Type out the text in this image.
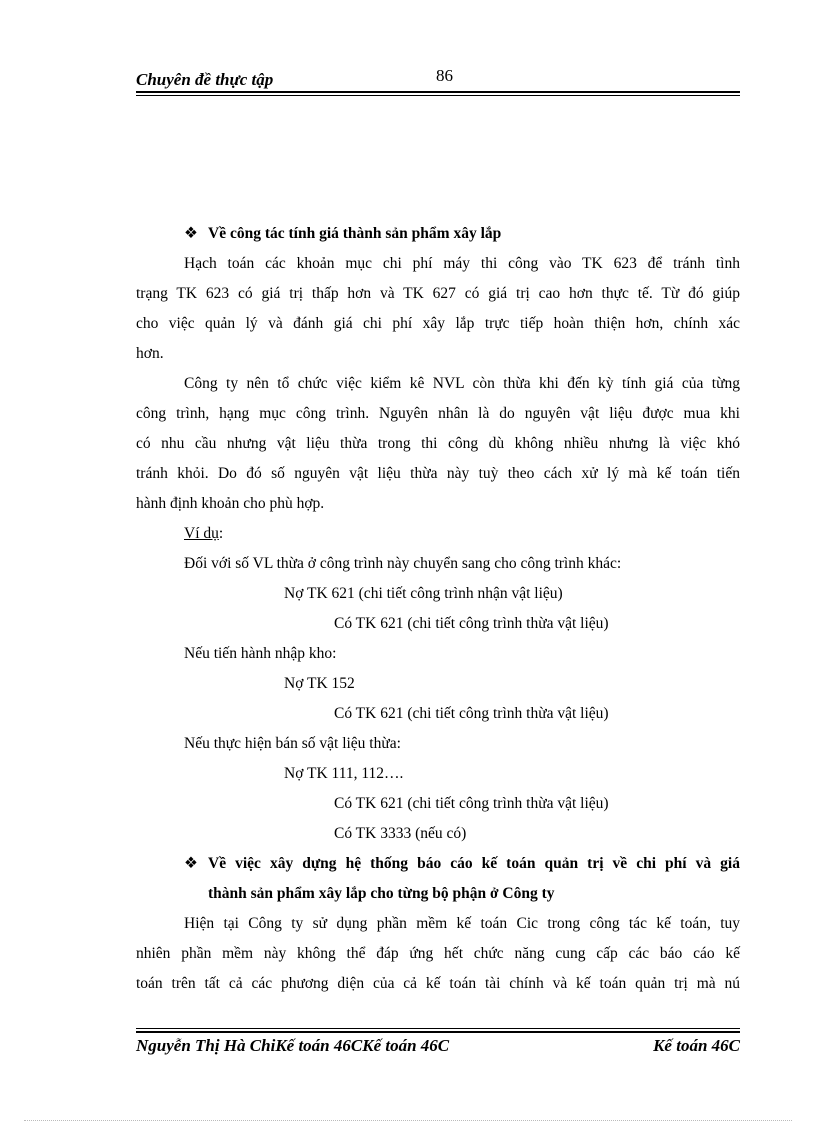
Chuyên đề thực tập	86
❖ Về công tác tính giá thành sản phẩm xây lắp
Hạch toán các khoản mục chi phí máy thi công vào TK 623 để tránh tình
trạng TK 623 có giá trị thấp hơn và TK 627 có giá trị cao hơn thực tế. Từ đó giúp
cho việc quản lý và đánh giá chi phí xây lắp trực tiếp hoàn thiện hơn, chính xác
hơn.
Công ty nên tổ chức việc kiểm kê NVL còn thừa khi đến kỳ tính giá của từng
công trình, hạng mục công trình. Nguyên nhân là do nguyên vật liệu được mua khi
có nhu cầu nhưng vật liệu thừa trong thi công dù không nhiều nhưng là việc khó
tránh khỏi. Do đó số nguyên vật liệu thừa này tuỳ theo cách xử lý mà kế toán tiến
hành định khoản cho phù hợp.
Ví dụ:
Đối với số VL thừa ở công trình này chuyển sang cho công trình khác:
Nợ TK 621 (chi tiết công trình nhận vật liệu)
Có TK 621 (chi tiết công trình thừa vật liệu)
Nếu tiến hành nhập kho:
Nợ TK 152
Có TK 621 (chi tiết công trình thừa vật liệu)
Nếu thực hiện bán số vật liệu thừa:
Nợ TK 111, 112….
Có TK 621 (chi tiết công trình thừa vật liệu)
Có TK 3333 (nếu có)
❖ Về việc xây dựng hệ thống báo cáo kế toán quản trị về chi phí và giá
thành sản phẩm xây lắp cho từng bộ phận ở Công ty
Hiện tại Công ty sử dụng phần mềm kế toán Cic trong công tác kế toán, tuy
nhiên phần mềm này không thể đáp ứng hết chức năng cung cấp các báo cáo kế
toán trên tất cả các phương diện của cả kế toán tài chính và kế toán quản trị mà nú
Nguyễn Thị Hà ChiKế toán 46CKế toán 46C	Kế toán 46C
